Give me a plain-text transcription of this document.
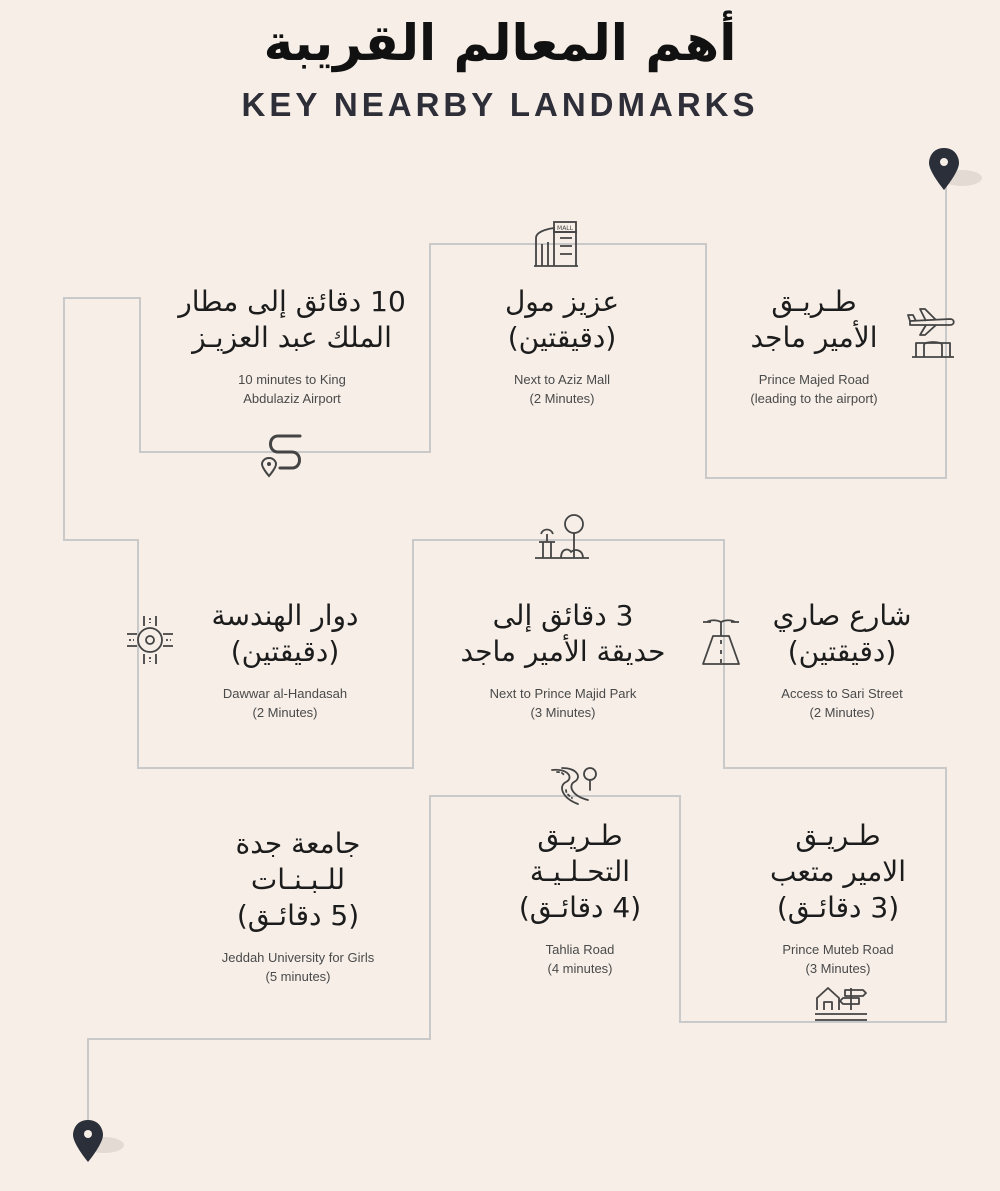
أهم المعالم القريبة
KEY NEARBY LANDMARKS
طـريـق
الأمير ماجد
Prince Majed Road
(leading to the airport)
عزيز مول
(دقيقتين)
Next to Aziz Mall
(2 Minutes)
10 دقائق إلى مطار
الملك عبد العزيـز
10 minutes to King
Abdulaziz Airport
شارع صاري
(دقيقتين)
Access to Sari Street
(2 Minutes)
3 دقائق إلى
حديقة الأمير ماجد
Next to Prince Majid Park
(3 Minutes)
دوار الهندسة
(دقيقتين)
Dawwar al-Handasah
(2 Minutes)
طـريـق
الامير متعب
(3 دقائـق)
Prince Muteb Road
(3 Minutes)
طـريـق
التحـلـيـة
(4 دقائـق)
Tahlia Road
(4 minutes)
جامعة جدة
للـبـنـات
(5 دقائـق)
Jeddah University for Girls
(5 minutes)
MALL
